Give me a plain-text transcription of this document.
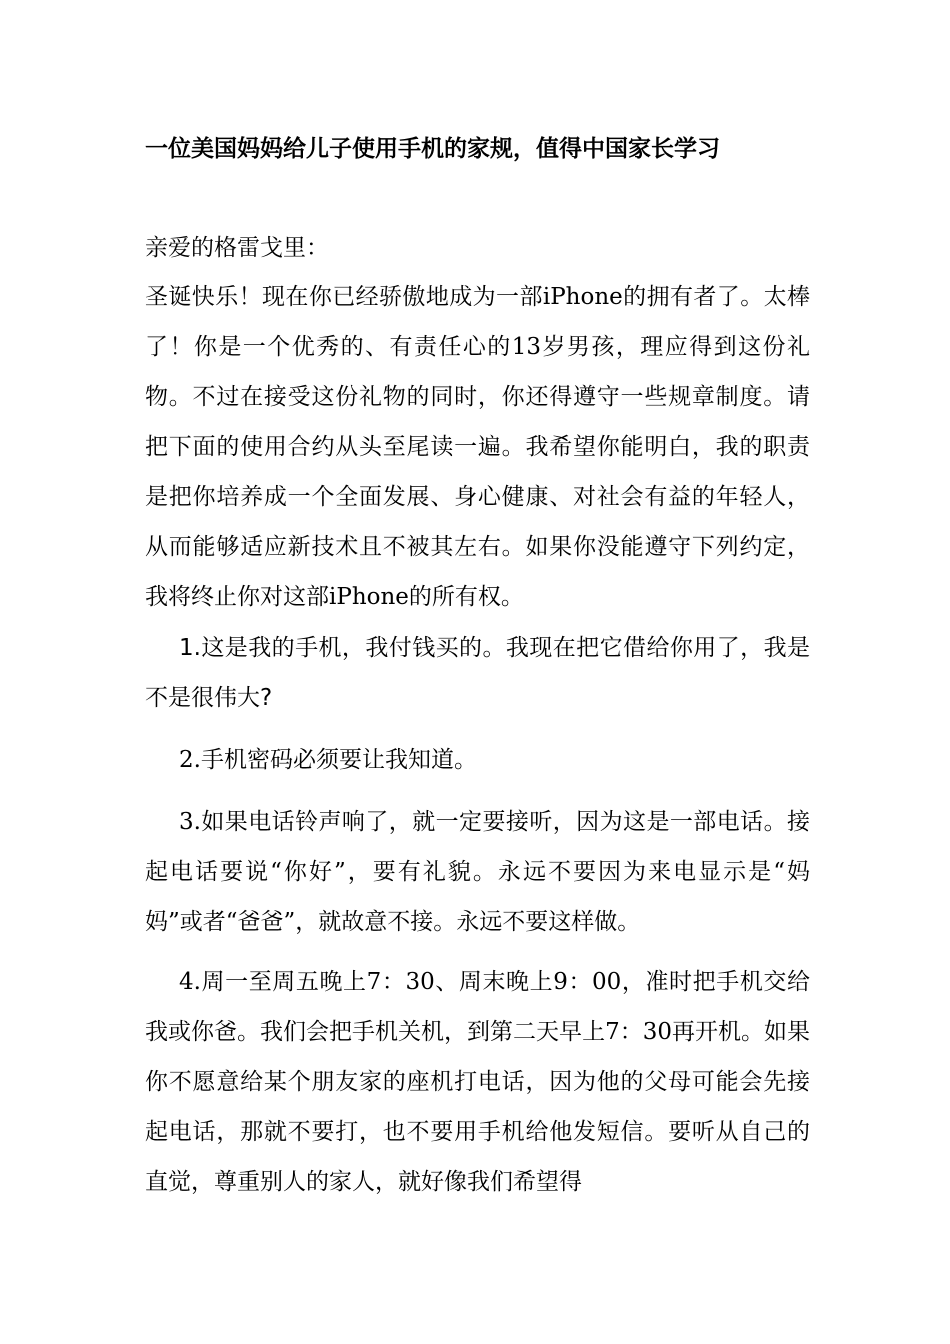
一位美国妈妈给儿子使用手机的家规，值得中国家长学习

亲爱的格雷戈里：

圣诞快乐！现在你已经骄傲地成为一部iPhone的拥有者了。太棒了！你是一个优秀的、有责任心的13岁男孩，理应得到这份礼物。不过在接受这份礼物的同时，你还得遵守一些规章制度。请把下面的使用合约从头至尾读一遍。我希望你能明白，我的职责是把你培养成一个全面发展、身心健康、对社会有益的年轻人，从而能够适应新技术且不被其左右。如果你没能遵守下列约定，我将终止你对这部iPhone的所有权。

1.这是我的手机，我付钱买的。我现在把它借给你用了，我是不是很伟大?

2.手机密码必须要让我知道。

3.如果电话铃声响了，就一定要接听，因为这是一部电话。接起电话要说“你好”，要有礼貌。永远不要因为来电显示是“妈妈”或者“爸爸”，就故意不接。永远不要这样做。

4.周一至周五晚上7：30、周末晚上9：00，准时把手机交给我或你爸。我们会把手机关机，到第二天早上7：30再开机。如果你不愿意给某个朋友家的座机打电话，因为他的父母可能会先接起电话，那就不要打，也不要用手机给他发短信。要听从自己的直觉，尊重别人的家人，就好像我们希望得
